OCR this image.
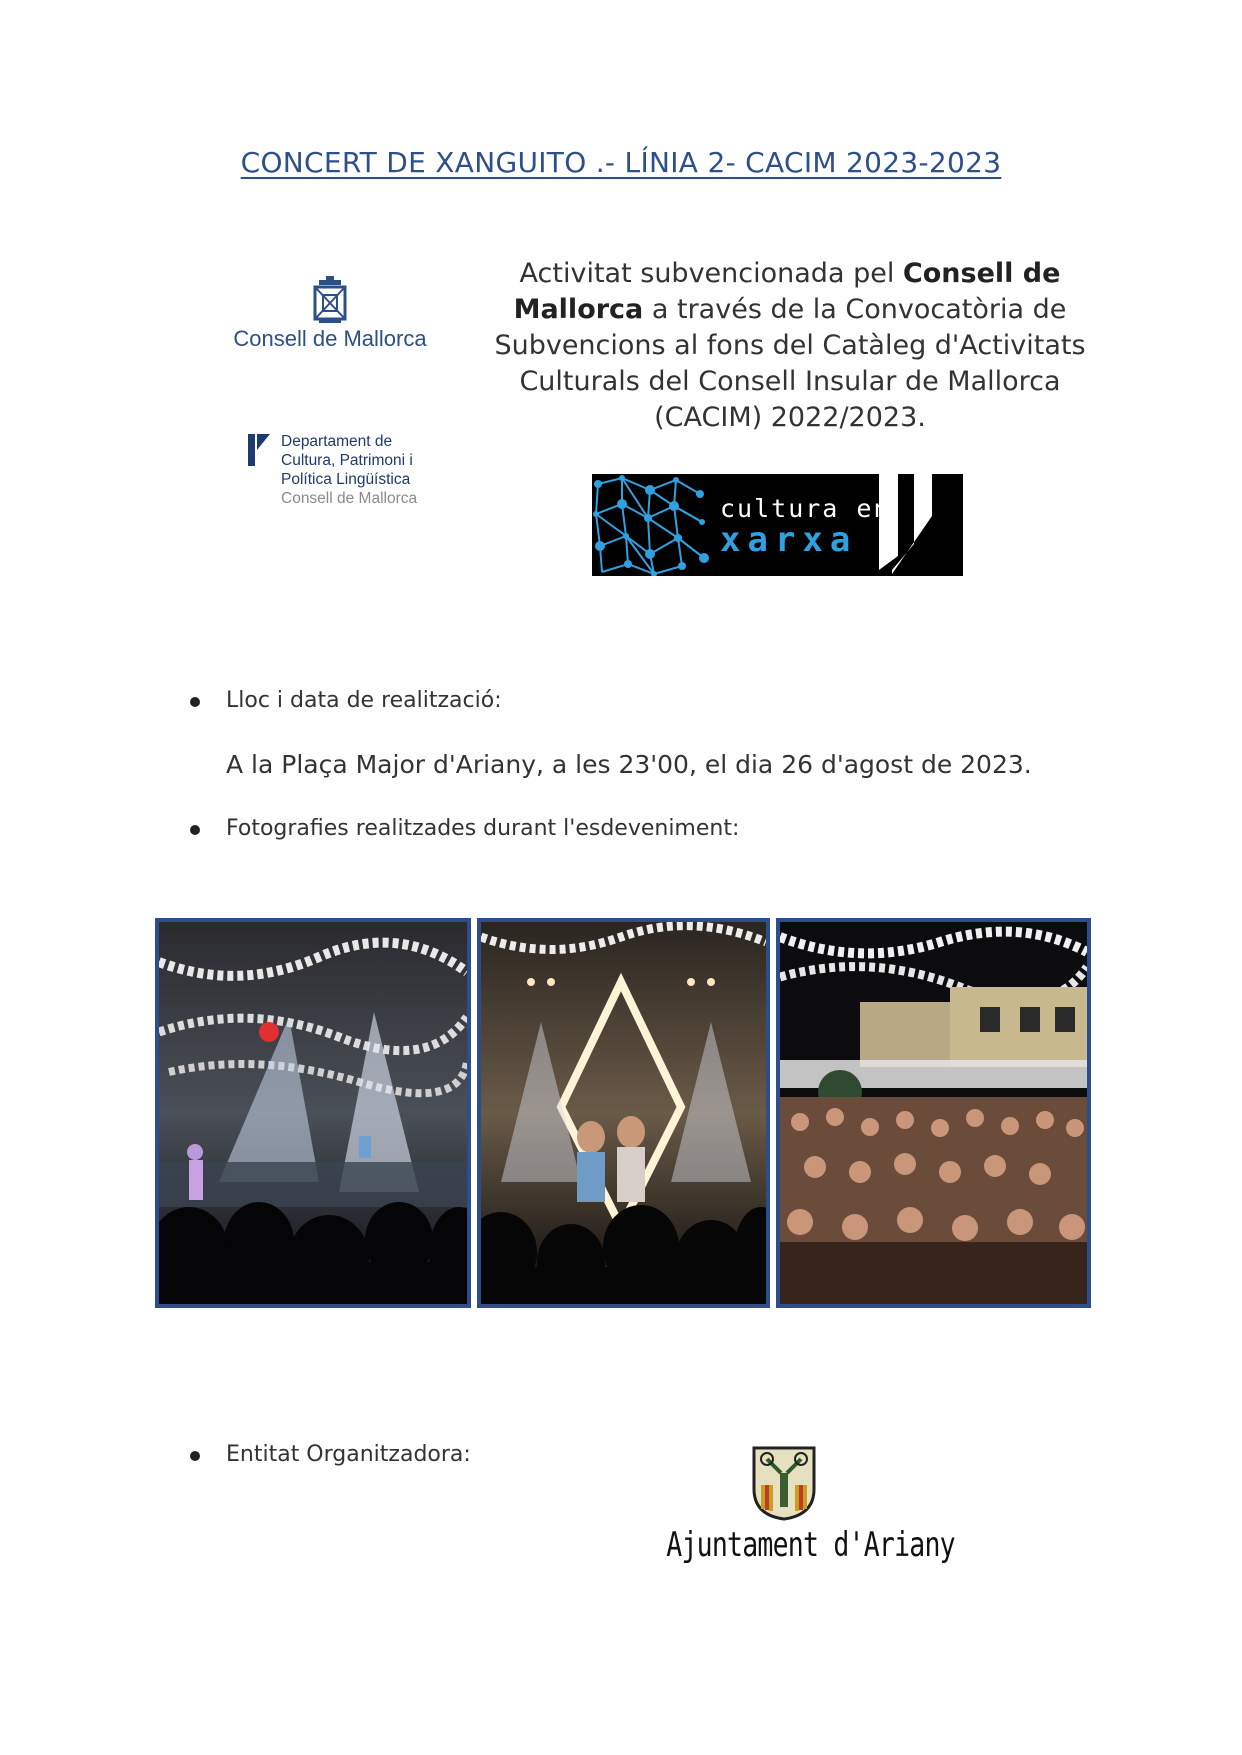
CONCERT DE XANGUITO .- LÍNIA 2- CACIM 2023-2023
Consell de Mallorca
Departament de
Cultura, Patrimoni i
Política Lingüística
Consell de Mallorca
Activitat subvencionada pel Consell de Mallorca a través de la Convocatòria de Subvencions al fons del Catàleg d'Activitats Culturals del Consell Insular de Mallorca (CACIM) 2022/2023.
cultura en
xarxa
Lloc i data de realització:
A la Plaça Major d'Ariany, a les 23'00, el dia 26 d'agost de 2023.
Fotografies realitzades durant l'esdeveniment:
Entitat Organitzadora:
Ajuntament d'Ariany
